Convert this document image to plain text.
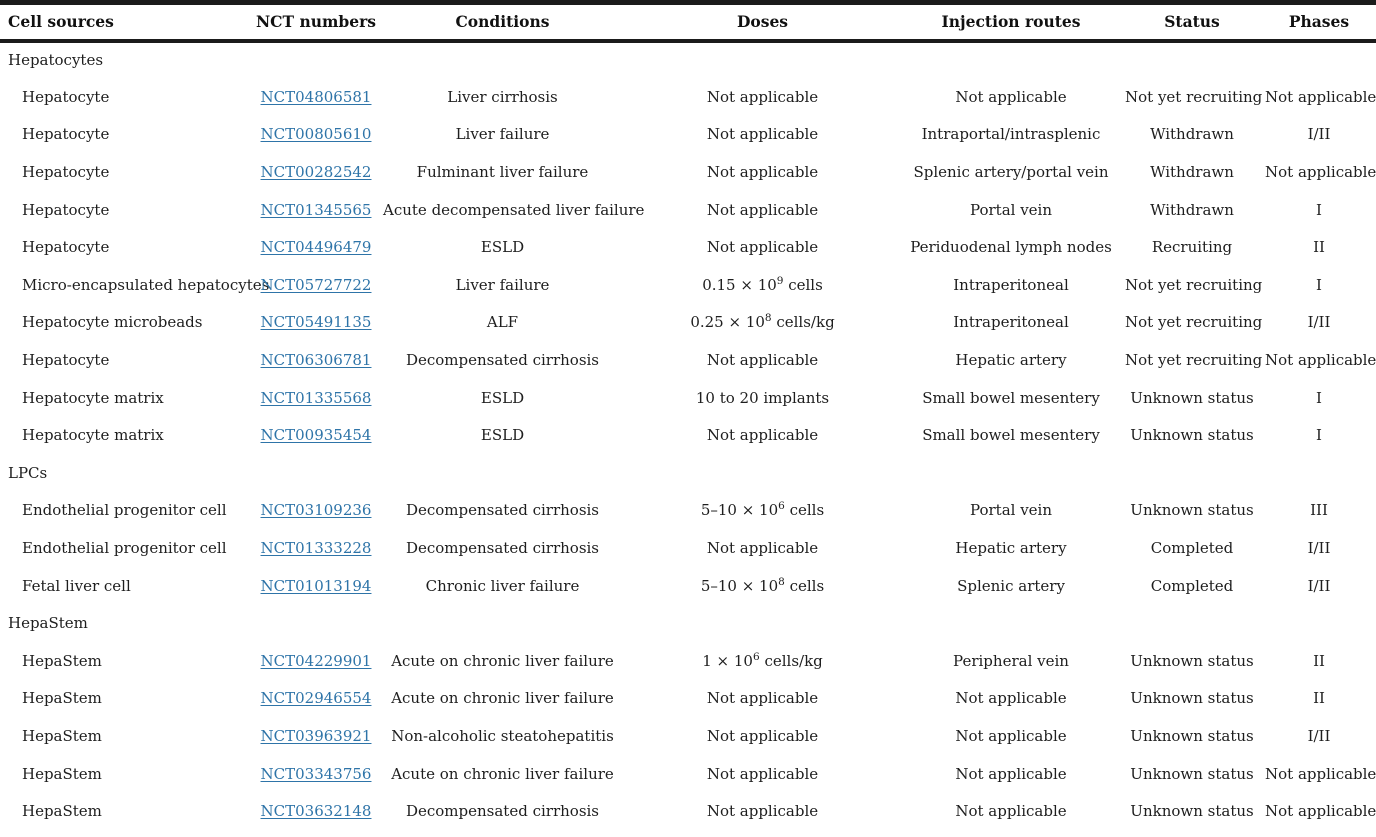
Cell sources	NCT numbers	Conditions	Doses	Injection routes	Status	Phases
Hepatocytes						
Hepatocyte	NCT04806581	Liver cirrhosis	Not applicable	Not applicable	Not yet recruiting	Not applicable
Hepatocyte	NCT00805610	Liver failure	Not applicable	Intraportal/intrasplenic	Withdrawn	I/II
Hepatocyte	NCT00282542	Fulminant liver failure	Not applicable	Splenic artery/portal vein	Withdrawn	Not applicable
Hepatocyte	NCT01345565	Acute decompensated liver failure	Not applicable	Portal vein	Withdrawn	I
Hepatocyte	NCT04496479	ESLD	Not applicable	Periduodenal lymph nodes	Recruiting	II
Micro-encapsulated hepatocytes	NCT05727722	Liver failure	$0.15 \times 10^9$ cells	Intraperitoneal	Not yet recruiting	I
Hepatocyte microbeads	NCT05491135	ALF	$0.25 \times 10^8$ cells/kg	Intraperitoneal	Not yet recruiting	I/II
Hepatocyte	NCT06306781	Decompensated cirrhosis	Not applicable	Hepatic artery	Not yet recruiting	Not applicable
Hepatocyte matrix	NCT01335568	ESLD	10 to 20 implants	Small bowel mesentery	Unknown status	I
Hepatocyte matrix	NCT00935454	ESLD	Not applicable	Small bowel mesentery	Unknown status	I
LPCs						
Endothelial progenitor cell	NCT03109236	Decompensated cirrhosis	$5-10 \times 10^6$ cells	Portal vein	Unknown status	III
Endothelial progenitor cell	NCT01333228	Decompensated cirrhosis	Not applicable	Hepatic artery	Completed	I/II
Fetal liver cell	NCT01013194	Chronic liver failure	$5-10 \times 10^8$ cells	Splenic artery	Completed	I/II
HepaStem						
HepaStem	NCT04229901	Acute on chronic liver failure	$1 \times 10^6$ cells/kg	Peripheral vein	Unknown status	II
HepaStem	NCT02946554	Acute on chronic liver failure	Not applicable	Not applicable	Unknown status	II
HepaStem	NCT03963921	Non-alcoholic steatohepatitis	Not applicable	Not applicable	Unknown status	I/II
HepaStem	NCT03343756	Acute on chronic liver failure	Not applicable	Not applicable	Unknown status	Not applicable
HepaStem	NCT03632148	Decompensated cirrhosis	Not applicable	Not applicable	Unknown status	Not applicable
